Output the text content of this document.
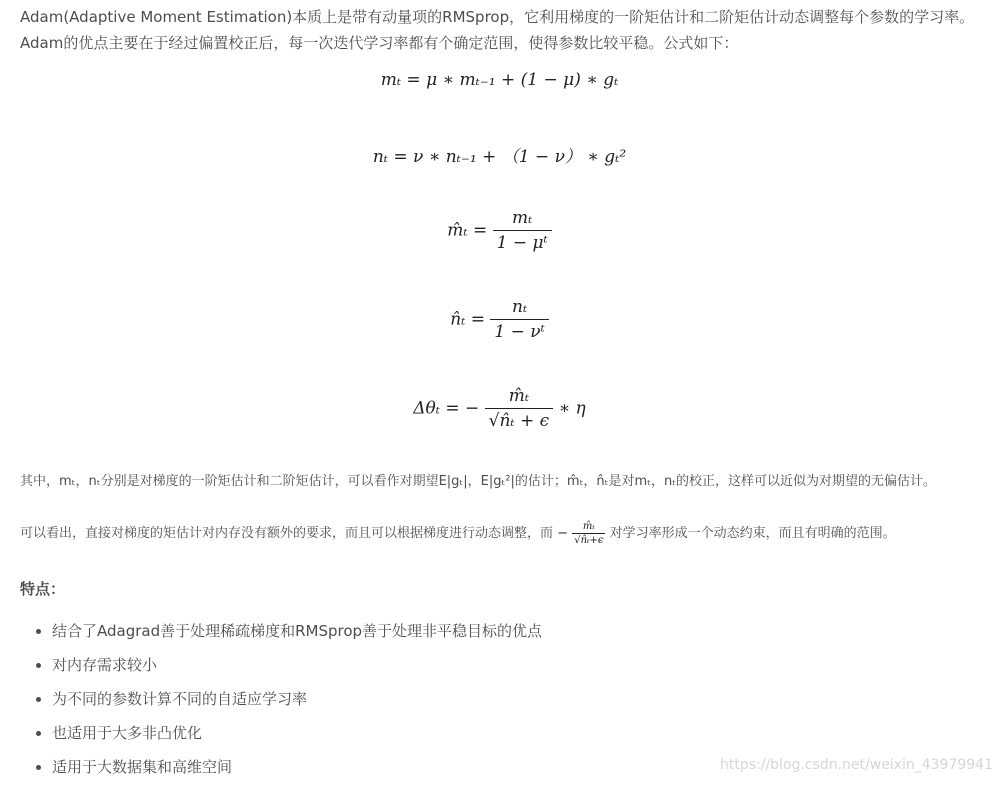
Adam(Adaptive Moment Estimation)本质上是带有动量项的RMSprop，它利用梯度的一阶矩估计和二阶矩估计动态调整每个参数的学习率。Adam的优点主要在于经过偏置校正后，每一次迭代学习率都有个确定范围，使得参数比较平稳。公式如下：

mₜ = μ ∗ mₜ₋₁ + (1 − μ) ∗ gₜ
nₜ = ν ∗ nₜ₋₁ + （1 − ν） ∗ gₜ²
m̂ₜ = $\frac{\text{mₜ}}{\text{1 − μᵗ}}$
n̂ₜ = $\frac{\text{nₜ}}{\text{1 − νᵗ}}$
Δθₜ = − $\frac{\text{m̂ₜ}}{\text{√n̂ₜ + ϵ}}$ ∗ η

其中，mₜ，nₜ分别是对梯度的一阶矩估计和二阶矩估计，可以看作对期望E|gₜ|，E|gₜ²|的估计；m̂ₜ，n̂ₜ是对mₜ，nₜ的校正，这样可以近似为对期望的无偏估计。

可以看出，直接对梯度的矩估计对内存没有额外的要求，而且可以根据梯度进行动态调整，而 − $\frac{\text{m̂ₜ}}{\text{√n̂ₜ+ϵ}}$ 对学习率形成一个动态约束，而且有明确的范围。

特点：

• 结合了Adagrad善于处理稀疏梯度和RMSprop善于处理非平稳目标的优点
• 对内存需求较小
• 为不同的参数计算不同的自适应学习率
• 也适用于大多非凸优化
• 适用于大数据集和高维空间	https://blog.csdn.net/weixin_43979941
